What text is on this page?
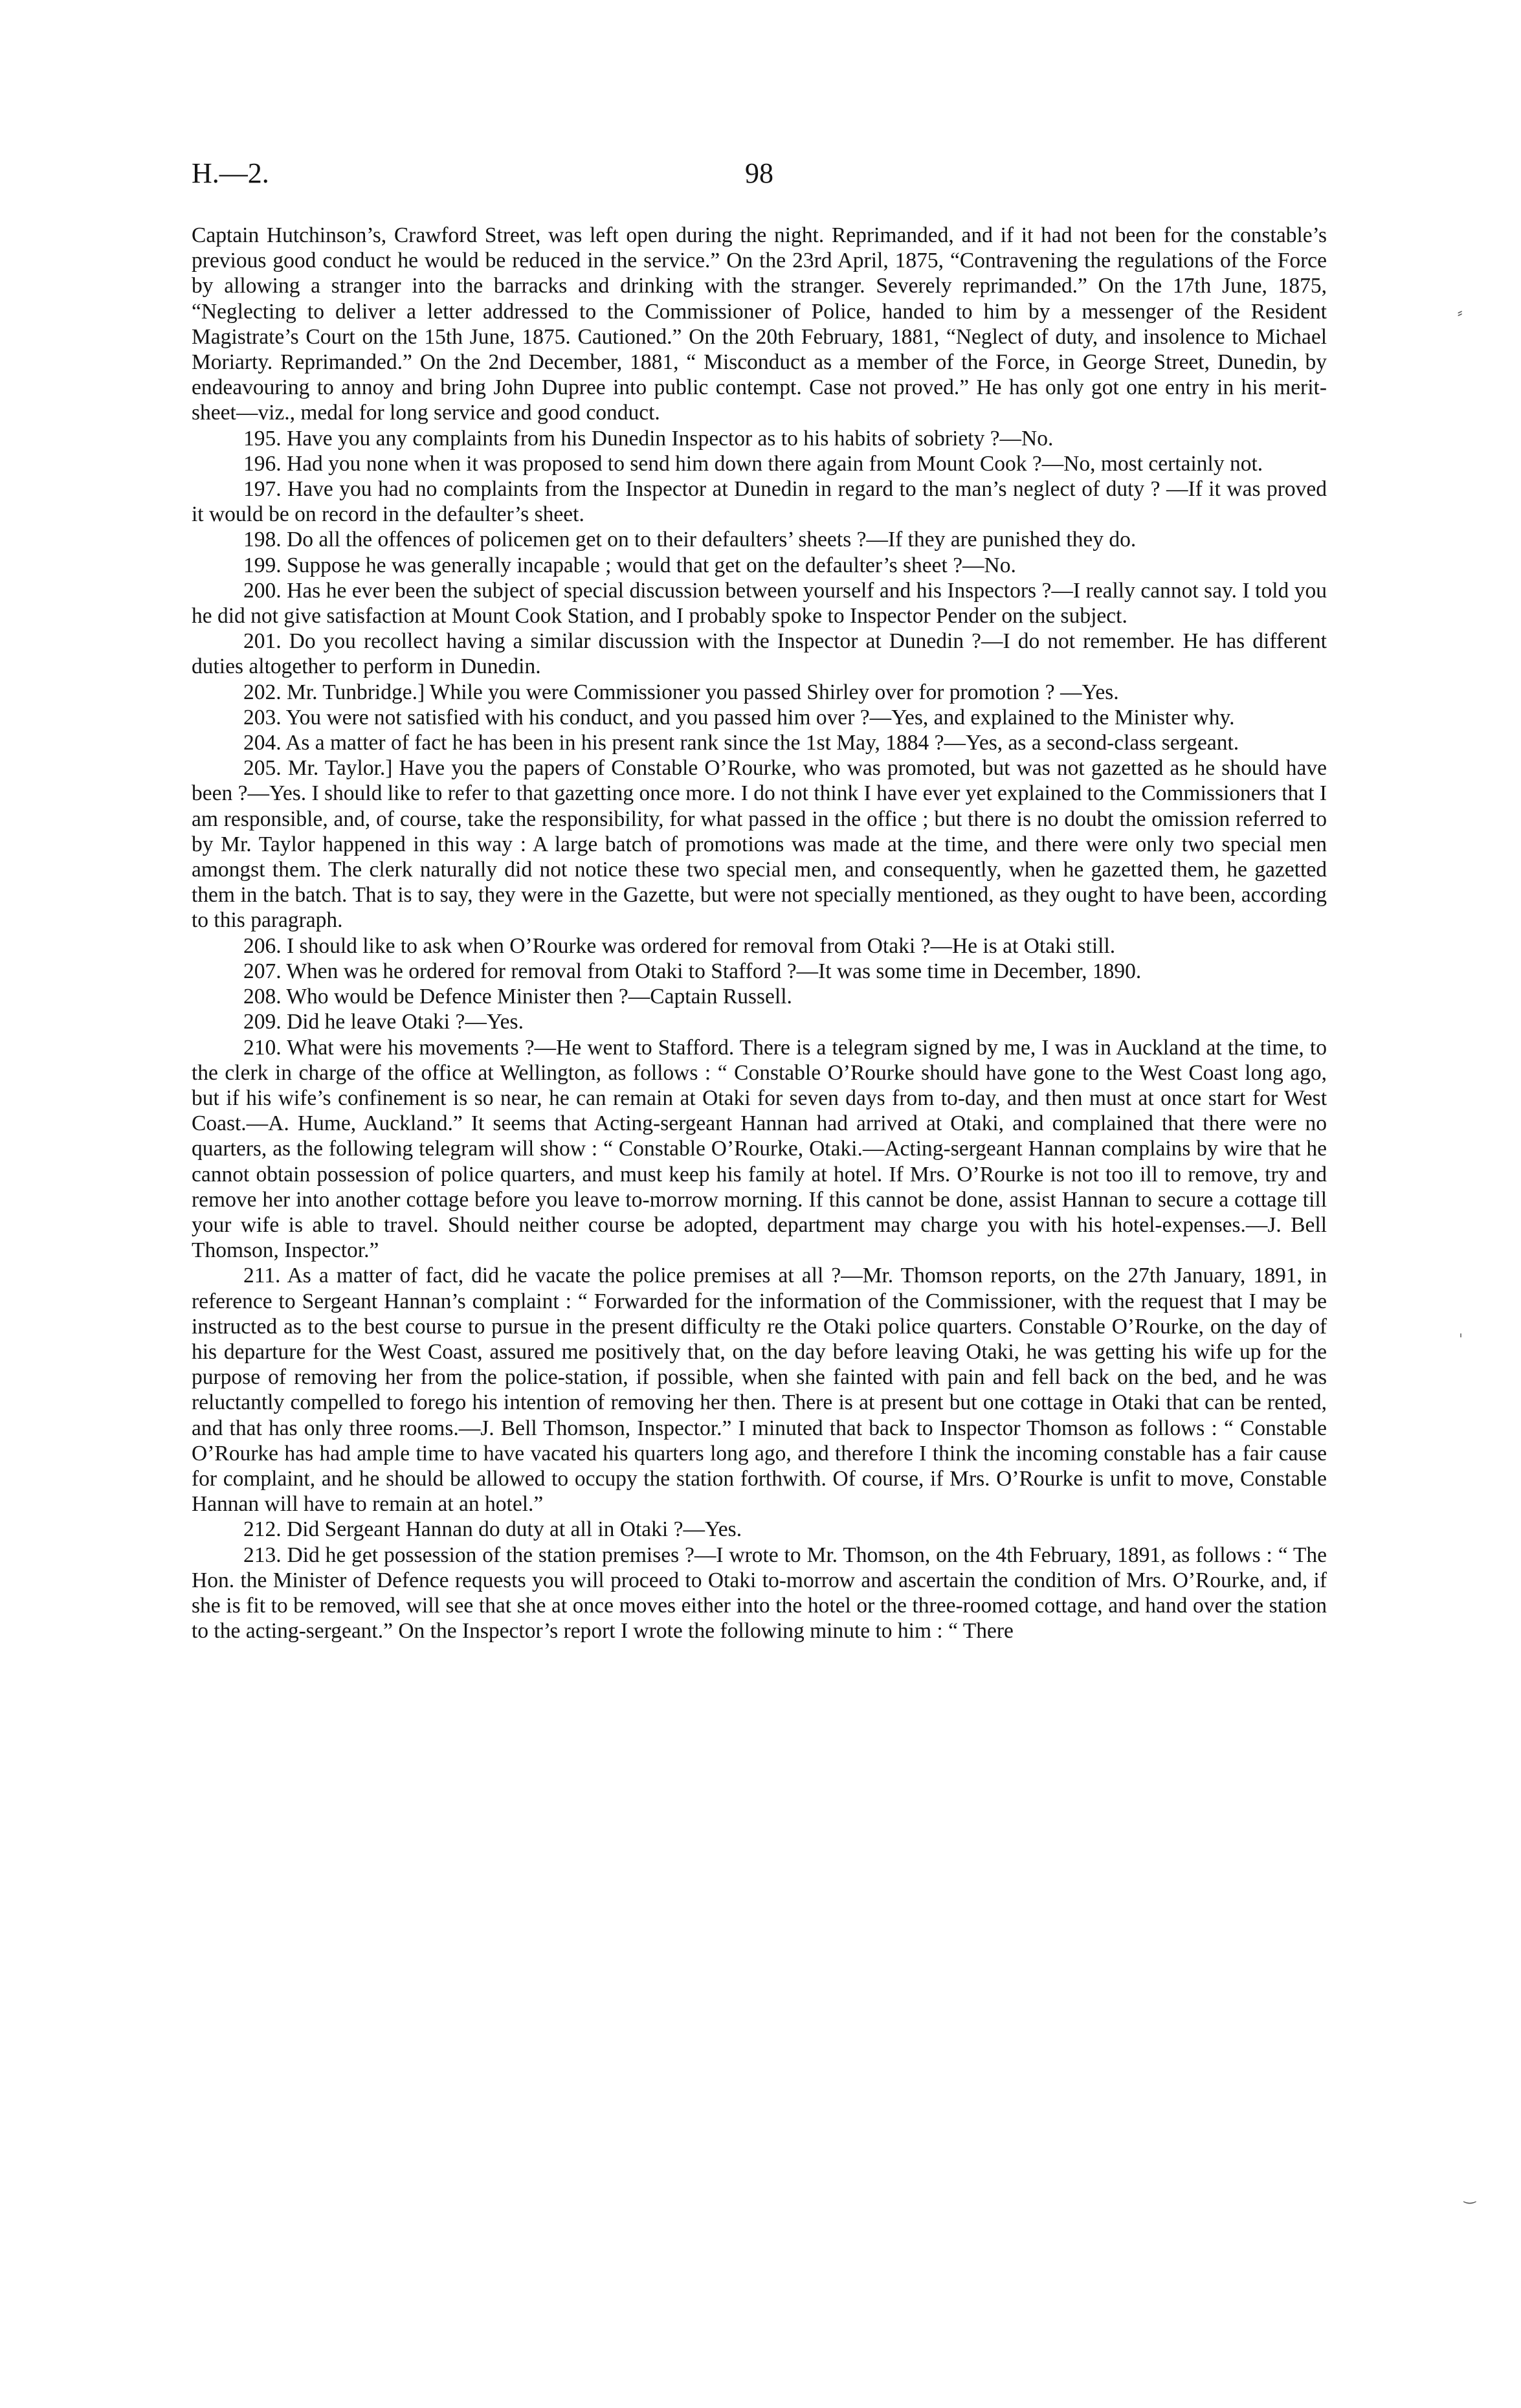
H.—2.	98

Captain Hutchinson’s, Crawford Street, was left open during the night. Reprimanded, and if it had not been for the constable’s previous good conduct he would be reduced in the service.” On the 23rd April, 1875, “Contravening the regulations of the Force by allowing a stranger into the barracks and drinking with the stranger. Severely reprimanded.” On the 17th June, 1875, “Neglecting to deliver a letter addressed to the Commissioner of Police, handed to him by a messenger of the Resident Magistrate’s Court on the 15th June, 1875. Cautioned.” On the 20th February, 1881, “Neglect of duty, and insolence to Michael Moriarty. Reprimanded.” On the 2nd December, 1881, “ Misconduct as a member of the Force, in George Street, Dunedin, by endeavouring to annoy and bring John Dupree into public contempt. Case not proved.” He has only got one entry in his merit-sheet—viz., medal for long service and good conduct.

195. Have you any complaints from his Dunedin Inspector as to his habits of sobriety ?—No.

196. Had you none when it was proposed to send him down there again from Mount Cook ?—No, most certainly not.

197. Have you had no complaints from the Inspector at Dunedin in regard to the man’s neglect of duty ? —If it was proved it would be on record in the defaulter’s sheet.

198. Do all the offences of policemen get on to their defaulters’ sheets ?—If they are punished they do.

199. Suppose he was generally incapable ; would that get on the defaulter’s sheet ?—No.

200. Has he ever been the subject of special discussion between yourself and his Inspectors ?—I really cannot say. I told you he did not give satisfaction at Mount Cook Station, and I probably spoke to Inspector Pender on the subject.

201. Do you recollect having a similar discussion with the Inspector at Dunedin ?—I do not remember. He has different duties altogether to perform in Dunedin.

202. Mr. Tunbridge.] While you were Commissioner you passed Shirley over for promotion ? —Yes.

203. You were not satisfied with his conduct, and you passed him over ?—Yes, and explained to the Minister why.

204. As a matter of fact he has been in his present rank since the 1st May, 1884 ?—Yes, as a second-class sergeant.

205. Mr. Taylor.] Have you the papers of Constable O’Rourke, who was promoted, but was not gazetted as he should have been ?—Yes. I should like to refer to that gazetting once more. I do not think I have ever yet explained to the Commissioners that I am responsible, and, of course, take the responsibility, for what passed in the office ; but there is no doubt the omission referred to by Mr. Taylor happened in this way : A large batch of promotions was made at the time, and there were only two special men amongst them. The clerk naturally did not notice these two special men, and consequently, when he gazetted them, he gazetted them in the batch. That is to say, they were in the Gazette, but were not specially mentioned, as they ought to have been, according to this paragraph.

206. I should like to ask when O’Rourke was ordered for removal from Otaki ?—He is at Otaki still.

207. When was he ordered for removal from Otaki to Stafford ?—It was some time in December, 1890.

208. Who would be Defence Minister then ?—Captain Russell.

209. Did he leave Otaki ?—Yes.

210. What were his movements ?—He went to Stafford. There is a telegram signed by me, I was in Auckland at the time, to the clerk in charge of the office at Wellington, as follows : “ Constable O’Rourke should have gone to the West Coast long ago, but if his wife’s confinement is so near, he can remain at Otaki for seven days from to-day, and then must at once start for West Coast.—A. Hume, Auckland.” It seems that Acting-sergeant Hannan had arrived at Otaki, and complained that there were no quarters, as the following telegram will show : “ Constable O’Rourke, Otaki.—Acting-sergeant Hannan complains by wire that he cannot obtain possession of police quarters, and must keep his family at hotel. If Mrs. O’Rourke is not too ill to remove, try and remove her into another cottage before you leave to-morrow morning. If this cannot be done, assist Hannan to secure a cottage till your wife is able to travel. Should neither course be adopted, department may charge you with his hotel-expenses.—J. Bell Thomson, Inspector.”

211. As a matter of fact, did he vacate the police premises at all ?—Mr. Thomson reports, on the 27th January, 1891, in reference to Sergeant Hannan’s complaint : “ Forwarded for the information of the Commissioner, with the request that I may be instructed as to the best course to pursue in the present difficulty re the Otaki police quarters. Constable O’Rourke, on the day of his departure for the West Coast, assured me positively that, on the day before leaving Otaki, he was getting his wife up for the purpose of removing her from the police-station, if possible, when she fainted with pain and fell back on the bed, and he was reluctantly compelled to forego his intention of removing her then. There is at present but one cottage in Otaki that can be rented, and that has only three rooms.—J. Bell Thomson, Inspector.” I minuted that back to Inspector Thomson as follows : “ Constable O’Rourke has had ample time to have vacated his quarters long ago, and therefore I think the incoming constable has a fair cause for complaint, and he should be allowed to occupy the station forthwith. Of course, if Mrs. O’Rourke is unfit to move, Constable Hannan will have to remain at an hotel.”

212. Did Sergeant Hannan do duty at all in Otaki ?—Yes.

213. Did he get possession of the station premises ?—I wrote to Mr. Thomson, on the 4th February, 1891, as follows : “ The Hon. the Minister of Defence requests you will proceed to Otaki to-morrow and ascertain the condition of Mrs. O’Rourke, and, if she is fit to be removed, will see that she at once moves either into the hotel or the three-roomed cottage, and hand over the station to the acting-sergeant.” On the Inspector’s report I wrote the following minute to him : “ There

⸗
ˈ
‿
